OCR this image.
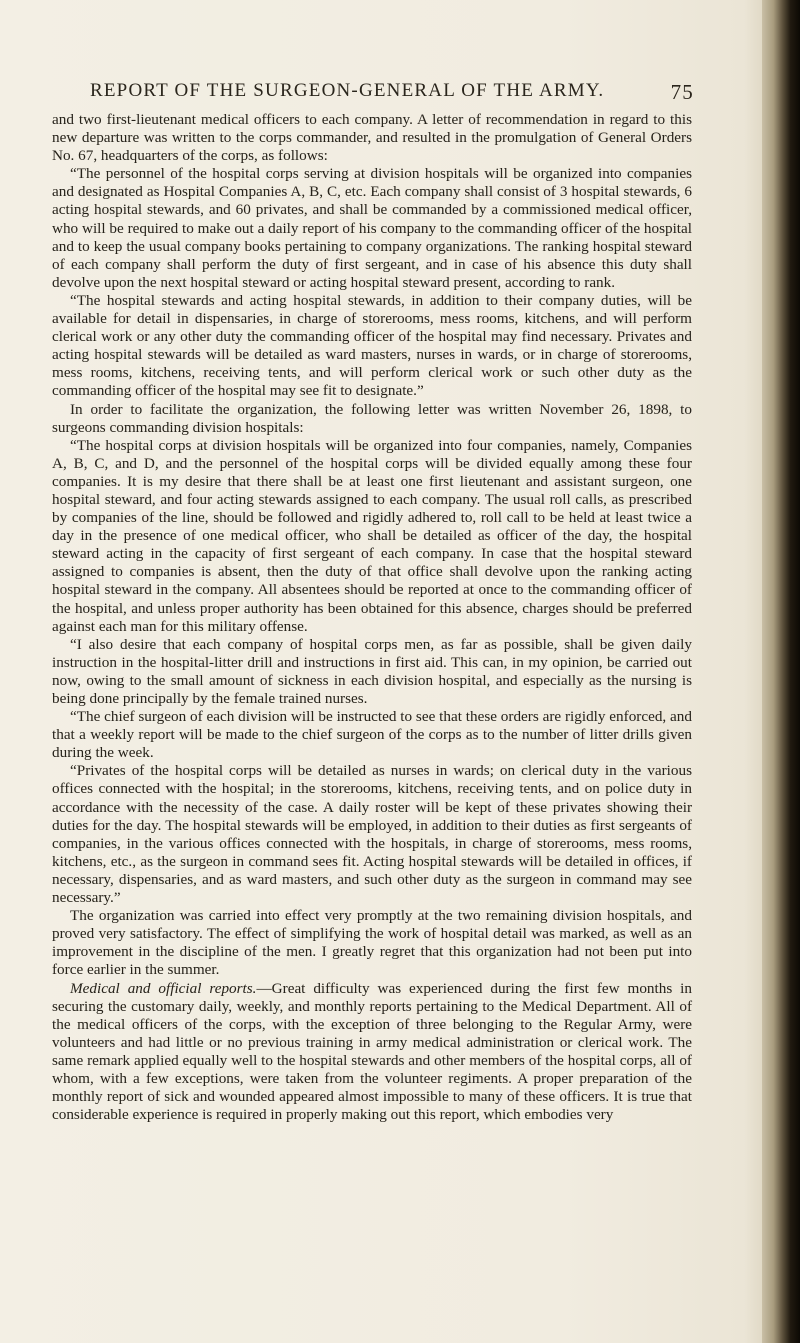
REPORT OF THE SURGEON-GENERAL OF THE ARMY.	75

and two first-lieutenant medical officers to each company. A letter of recommendation in regard to this new departure was written to the corps commander, and resulted in the promulgation of General Orders No. 67, headquarters of the corps, as follows:

“The personnel of the hospital corps serving at division hospitals will be organized into companies and designated as Hospital Companies A, B, C, etc. Each company shall consist of 3 hospital stewards, 6 acting hospital stewards, and 60 privates, and shall be commanded by a commissioned medical officer, who will be required to make out a daily report of his company to the commanding officer of the hospital and to keep the usual company books pertaining to company organizations. The ranking hospital steward of each company shall perform the duty of first sergeant, and in case of his absence this duty shall devolve upon the next hospital steward or acting hospital steward present, according to rank.

“The hospital stewards and acting hospital stewards, in addition to their company duties, will be available for detail in dispensaries, in charge of storerooms, mess rooms, kitchens, and will perform clerical work or any other duty the commanding officer of the hospital may find necessary. Privates and acting hospital stewards will be detailed as ward masters, nurses in wards, or in charge of storerooms, mess rooms, kitchens, receiving tents, and will perform clerical work or such other duty as the commanding officer of the hospital may see fit to designate.”

In order to facilitate the organization, the following letter was written November 26, 1898, to surgeons commanding division hospitals:

“The hospital corps at division hospitals will be organized into four companies, namely, Companies A, B, C, and D, and the personnel of the hospital corps will be divided equally among these four companies. It is my desire that there shall be at least one first lieutenant and assistant surgeon, one hospital steward, and four acting stewards assigned to each company. The usual roll calls, as prescribed by companies of the line, should be followed and rigidly adhered to, roll call to be held at least twice a day in the presence of one medical officer, who shall be detailed as officer of the day, the hospital steward acting in the capacity of first sergeant of each company. In case that the hospital steward assigned to companies is absent, then the duty of that office shall devolve upon the ranking acting hospital steward in the company. All absentees should be reported at once to the commanding officer of the hospital, and unless proper authority has been obtained for this absence, charges should be preferred against each man for this military offense.

“I also desire that each company of hospital corps men, as far as possible, shall be given daily instruction in the hospital-litter drill and instructions in first aid. This can, in my opinion, be carried out now, owing to the small amount of sickness in each division hospital, and especially as the nursing is being done principally by the female trained nurses.

“The chief surgeon of each division will be instructed to see that these orders are rigidly enforced, and that a weekly report will be made to the chief surgeon of the corps as to the number of litter drills given during the week.

“Privates of the hospital corps will be detailed as nurses in wards; on clerical duty in the various offices connected with the hospital; in the storerooms, kitchens, receiving tents, and on police duty in accordance with the necessity of the case. A daily roster will be kept of these privates showing their duties for the day. The hospital stewards will be employed, in addition to their duties as first sergeants of companies, in the various offices connected with the hospitals, in charge of storerooms, mess rooms, kitchens, etc., as the surgeon in command sees fit. Acting hospital stewards will be detailed in offices, if necessary, dispensaries, and as ward masters, and such other duty as the surgeon in command may see necessary.”

The organization was carried into effect very promptly at the two remaining division hospitals, and proved very satisfactory. The effect of simplifying the work of hospital detail was marked, as well as an improvement in the discipline of the men. I greatly regret that this organization had not been put into force earlier in the summer.

Medical and official reports.—Great difficulty was experienced during the first few months in securing the customary daily, weekly, and monthly reports pertaining to the Medical Department. All of the medical officers of the corps, with the exception of three belonging to the Regular Army, were volunteers and had little or no previous training in army medical administration or clerical work. The same remark applied equally well to the hospital stewards and other members of the hospital corps, all of whom, with a few exceptions, were taken from the volunteer regiments. A proper preparation of the monthly report of sick and wounded appeared almost impossible to many of these officers. It is true that considerable experience is required in properly making out this report, which embodies very
